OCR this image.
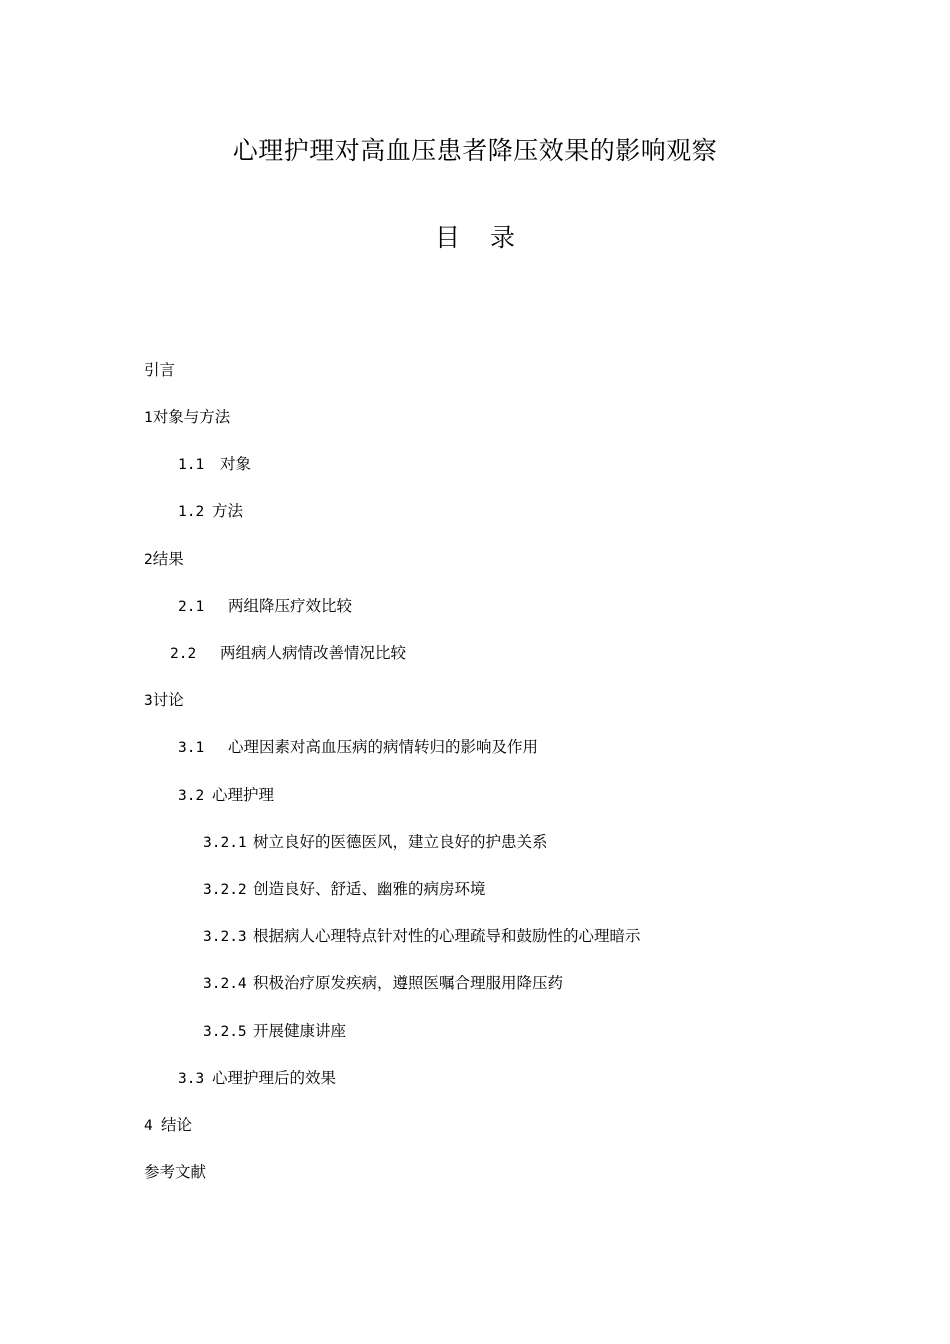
心理护理对高血压患者降压效果的影响观察
目 录
引言
1对象与方法
1.1 对象
1.2 方法
2结果
2.1 两组降压疗效比较
2.2 两组病人病情改善情况比较
3讨论
3.1 心理因素对高血压病的病情转归的影响及作用
3.2 心理护理
3.2.1 树立良好的医德医风，建立良好的护患关系
3.2.2 创造良好、舒适、幽雅的病房环境
3.2.3 根据病人心理特点针对性的心理疏导和鼓励性的心理暗示
3.2.4 积极治疗原发疾病，遵照医嘱合理服用降压药
3.2.5 开展健康讲座
3.3 心理护理后的效果
4 结论
参考文献
